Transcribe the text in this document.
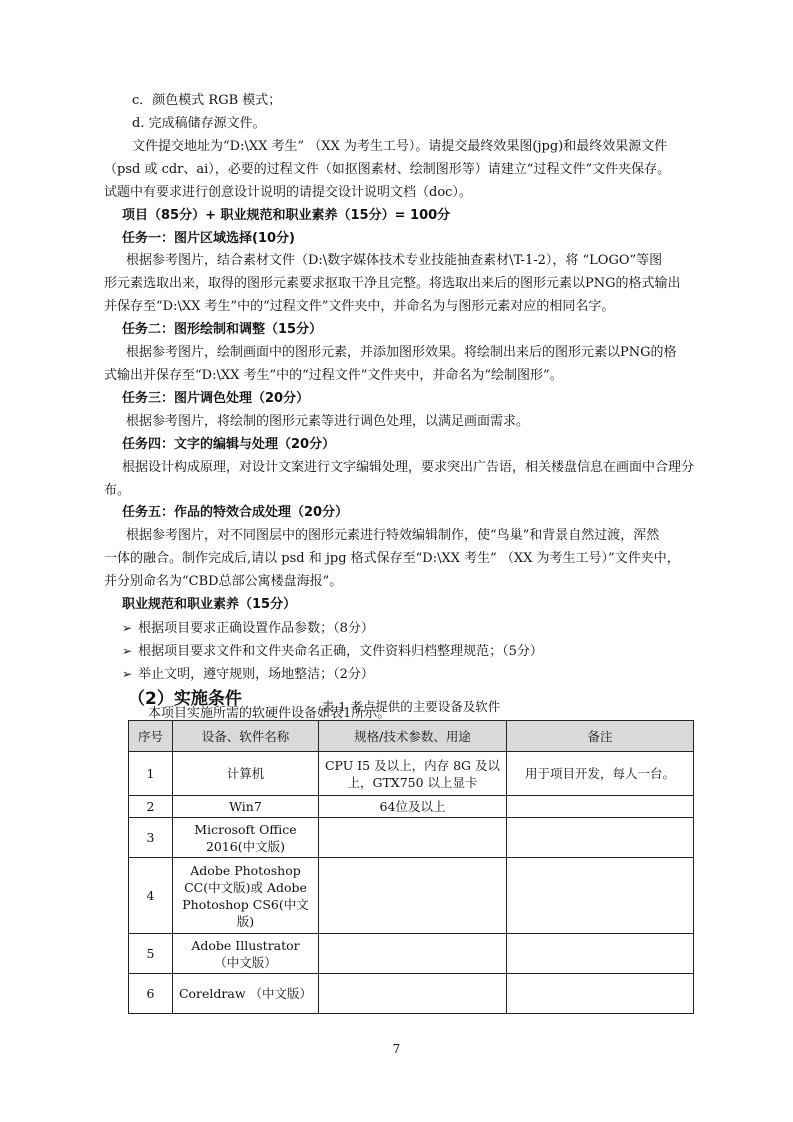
c．颜色模式 RGB 模式；
d. 完成稿储存源文件。
文件提交地址为“D:\XX 考生” （XX 为考生工号）。请提交最终效果图(jpg)和最终效果源文件
（psd 或 cdr、ai），必要的过程文件（如抠图素材、绘制图形等）请建立“过程文件”文件夹保存。
试题中有要求进行创意设计说明的请提交设计说明文档（doc）。
项目（85分）+ 职业规范和职业素养（15分）= 100分
任务一：图片区域选择(10分)
根据参考图片，结合素材文件（D:\数字媒体技术专业技能抽查素材\T-1-2），将 “LOGO”等图
形元素选取出来，取得的图形元素要求抠取干净且完整。将选取出来后的图形元素以PNG的格式输出
并保存至“D:\XX 考生”中的“过程文件”文件夹中，并命名为与图形元素对应的相同名字。
任务二：图形绘制和调整（15分）
根据参考图片，绘制画面中的图形元素，并添加图形效果。将绘制出来后的图形元素以PNG的格
式输出并保存至“D:\XX 考生”中的“过程文件”文件夹中，并命名为“绘制图形”。
任务三：图片调色处理（20分）
根据参考图片，将绘制的图形元素等进行调色处理，以满足画面需求。
任务四：文字的编辑与处理（20分）
根据设计构成原理，对设计文案进行文字编辑处理，要求突出广告语，相关楼盘信息在画面中合理分
布。
任务五：作品的特效合成处理（20分）
根据参考图片，对不同图层中的图形元素进行特效编辑制作，使“鸟巢”和背景自然过渡，浑然
一体的融合。制作完成后,请以 psd 和 jpg 格式保存至“D:\XX 考生” （XX 为考生工号）”文件夹中，
并分别命名为“CBD总部公寓楼盘海报”。
职业规范和职业素养（15分）
➢ 根据项目要求正确设置作品参数；（8分）
➢ 根据项目要求文件和文件夹命名正确，文件资料归档整理规范；（5分）
➢ 举止文明，遵守规则，场地整洁；（2分）
（2）实施条件
本项目实施所需的软硬件设备如表1所示。
表 1 考点提供的主要设备及软件
序号	设备、软件名称	规格/技术参数、用途	备注
1	计算机	CPU I5 及以上，内存 8G 及以上，GTX750 以上显卡	用于项目开发，每人一台。
2	Win7	64位及以上	
3	Microsoft Office 2016(中文版)		
4	Adobe Photoshop CC(中文版)或 Adobe Photoshop CS6(中文版)		
5	Adobe Illustrator （中文版）		
6	Coreldraw （中文版）		
7
